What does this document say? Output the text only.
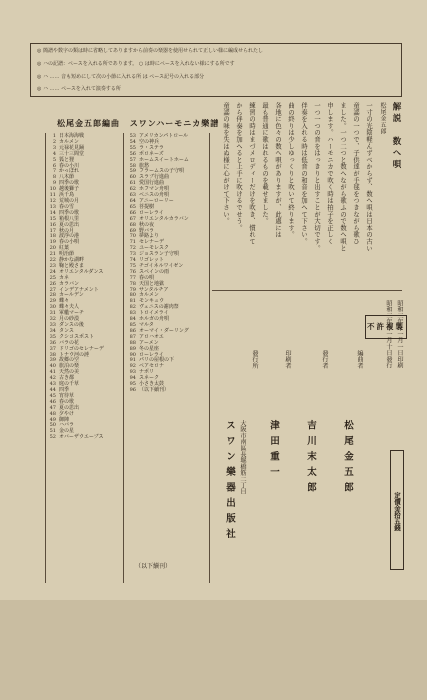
◎ 簡譜や数字の類は時に省略してありますから前奏の楽器を使用せられて正しい様に編成せられたし
◎ ハの記譜：ペースを入れる所であります。 ○ は時にペースを入れない様にする所です
◎ ハ …… 音も短めにして次の小節に入れる所 は ペース記号の入れる部分
◎ ハ …… ペースを入れて演奏する所
松尾金五郎編曲 スワンハーモニカ樂譜
1 日本海海戦
2 カルメン
3 元禄花見踊
4 三十三間堂
5 狐と狸
6 春の小川
7 かっぽれ
8 八木節
9 四季の歌
10 越後獅子
11 浜千鳥
12 荒城の月
13 春の雪
14 四季の歌
15 箱根八里
16 夏の思出
17 秋の月
18 波浮の港
19 春の小唄
20 紅葉
21 明治節
22 静かな湖畔
23 鞠と殿さま
24 オリエンタルダンス
25 カネ
26 カラバン
27 インデアナメント
28 カールデン
29 蝶々
30 蝶々夫人
31 軍艦マーチ
32 月の砂漠
33 ダンスの後
34 タンス
35 クシコスポスト
36 バラの花
37 ドリゴのセレナーデ
38 トナウ河の漣
39 故郷の空
40 旅泊の楽
41 天然の美
42 古き都
43 庭の千草
44 四季
45 宵待草
46 春の歌
47 夏の思出
48 夕やけ
49 御陣
50 ハバラ
51 金の星
52 オバーザウエーブス
53 アメリカンパトロール
54 空の神兵
55 ラ・ステラ
56 ポロネーズ
57 ホームスイートホーム
58 旅愁
59 フラームスの子守唄
60 スラブ行進曲
61 愛国行進曲
62 ホフマン舟唄
63 ベニスの舟唄
64 アニーローリー
65 菩提樹
66 ローレライ
67 オリエンタルカラバン
68 秋の夜
69 野バラ
70 夢路より
71 セレナーデ
72 ユーモレスク
73 ジョスラン子守唄
74 リゴレット
75 チゴイネルワイゼン
76 スペインの雨
77 春の唄
78 天国と地獄
79 サンタルチア
80 カルメン
81 モンキュウ
82 ヴェニスの謝肉祭
83 トロイメライ
84 ホルガの舟唄
85 マルタ
86 オーマイ・ダーリング
87 アロハオエ
88 アーメン
89 冬の星座
90 ローレライ
91 パリの屋根の下
92 ペアセロナ
93 ナポリ
94 スネーク
95 小さき太鼓
96 （以下續刊）
解説　数へ唄
松尾金五郎
一寸の光陰軽んずべからず、数へ唄は日本の古い
童謡の一つで、子供達が手毬をつきながら歌ひ
ました。一つ二つと数へながら歌ふので数へ唄と
申します。ハーモニカで吹く時は拍子を正しく
一つ一つの音をはっきりと出すことが大切です。
伴奏を入れる時は低音の和音を加へて下さい。
曲の終りは少しゆっくりと吹いて終ります。
各地に色々の数へ唄がありますが、此處には
最も普通に歌はれるものを載せました。
練習の時はまづメロディーだけを吹き、慣れて
から伴奏を加へると上手に吹けるでせう。
童謡の味を失はぬ様に心がけて下さい。
不許複製
昭和三年十一月一日印刷
昭和三年十一月十日發行
定價金拾五錢
編曲者
松尾金五郎
發行者
吉川末太郎
印刷者
津田重一
發行所
大阪市南區長堀橋筋二丁目
スワン樂器出版社
（以下續刊）
